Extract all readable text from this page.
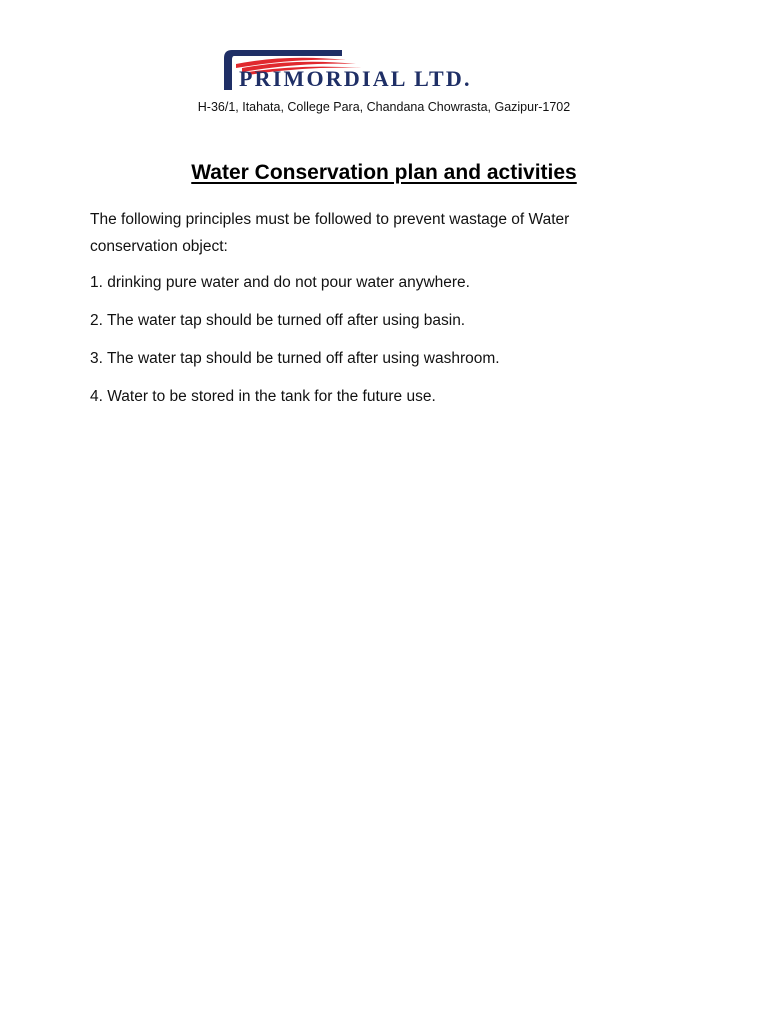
PRIMORDIAL LTD.
H-36/1, Itahata, College Para, Chandana Chowrasta, Gazipur-1702
Water Conservation plan and activities

The following principles must be followed to prevent wastage of Water conservation object:

1. drinking pure water and do not pour water anywhere.

2. The water tap should be turned off after using basin.

3. The water tap should be turned off after using washroom.

4. Water to be stored in the tank for the future use.
